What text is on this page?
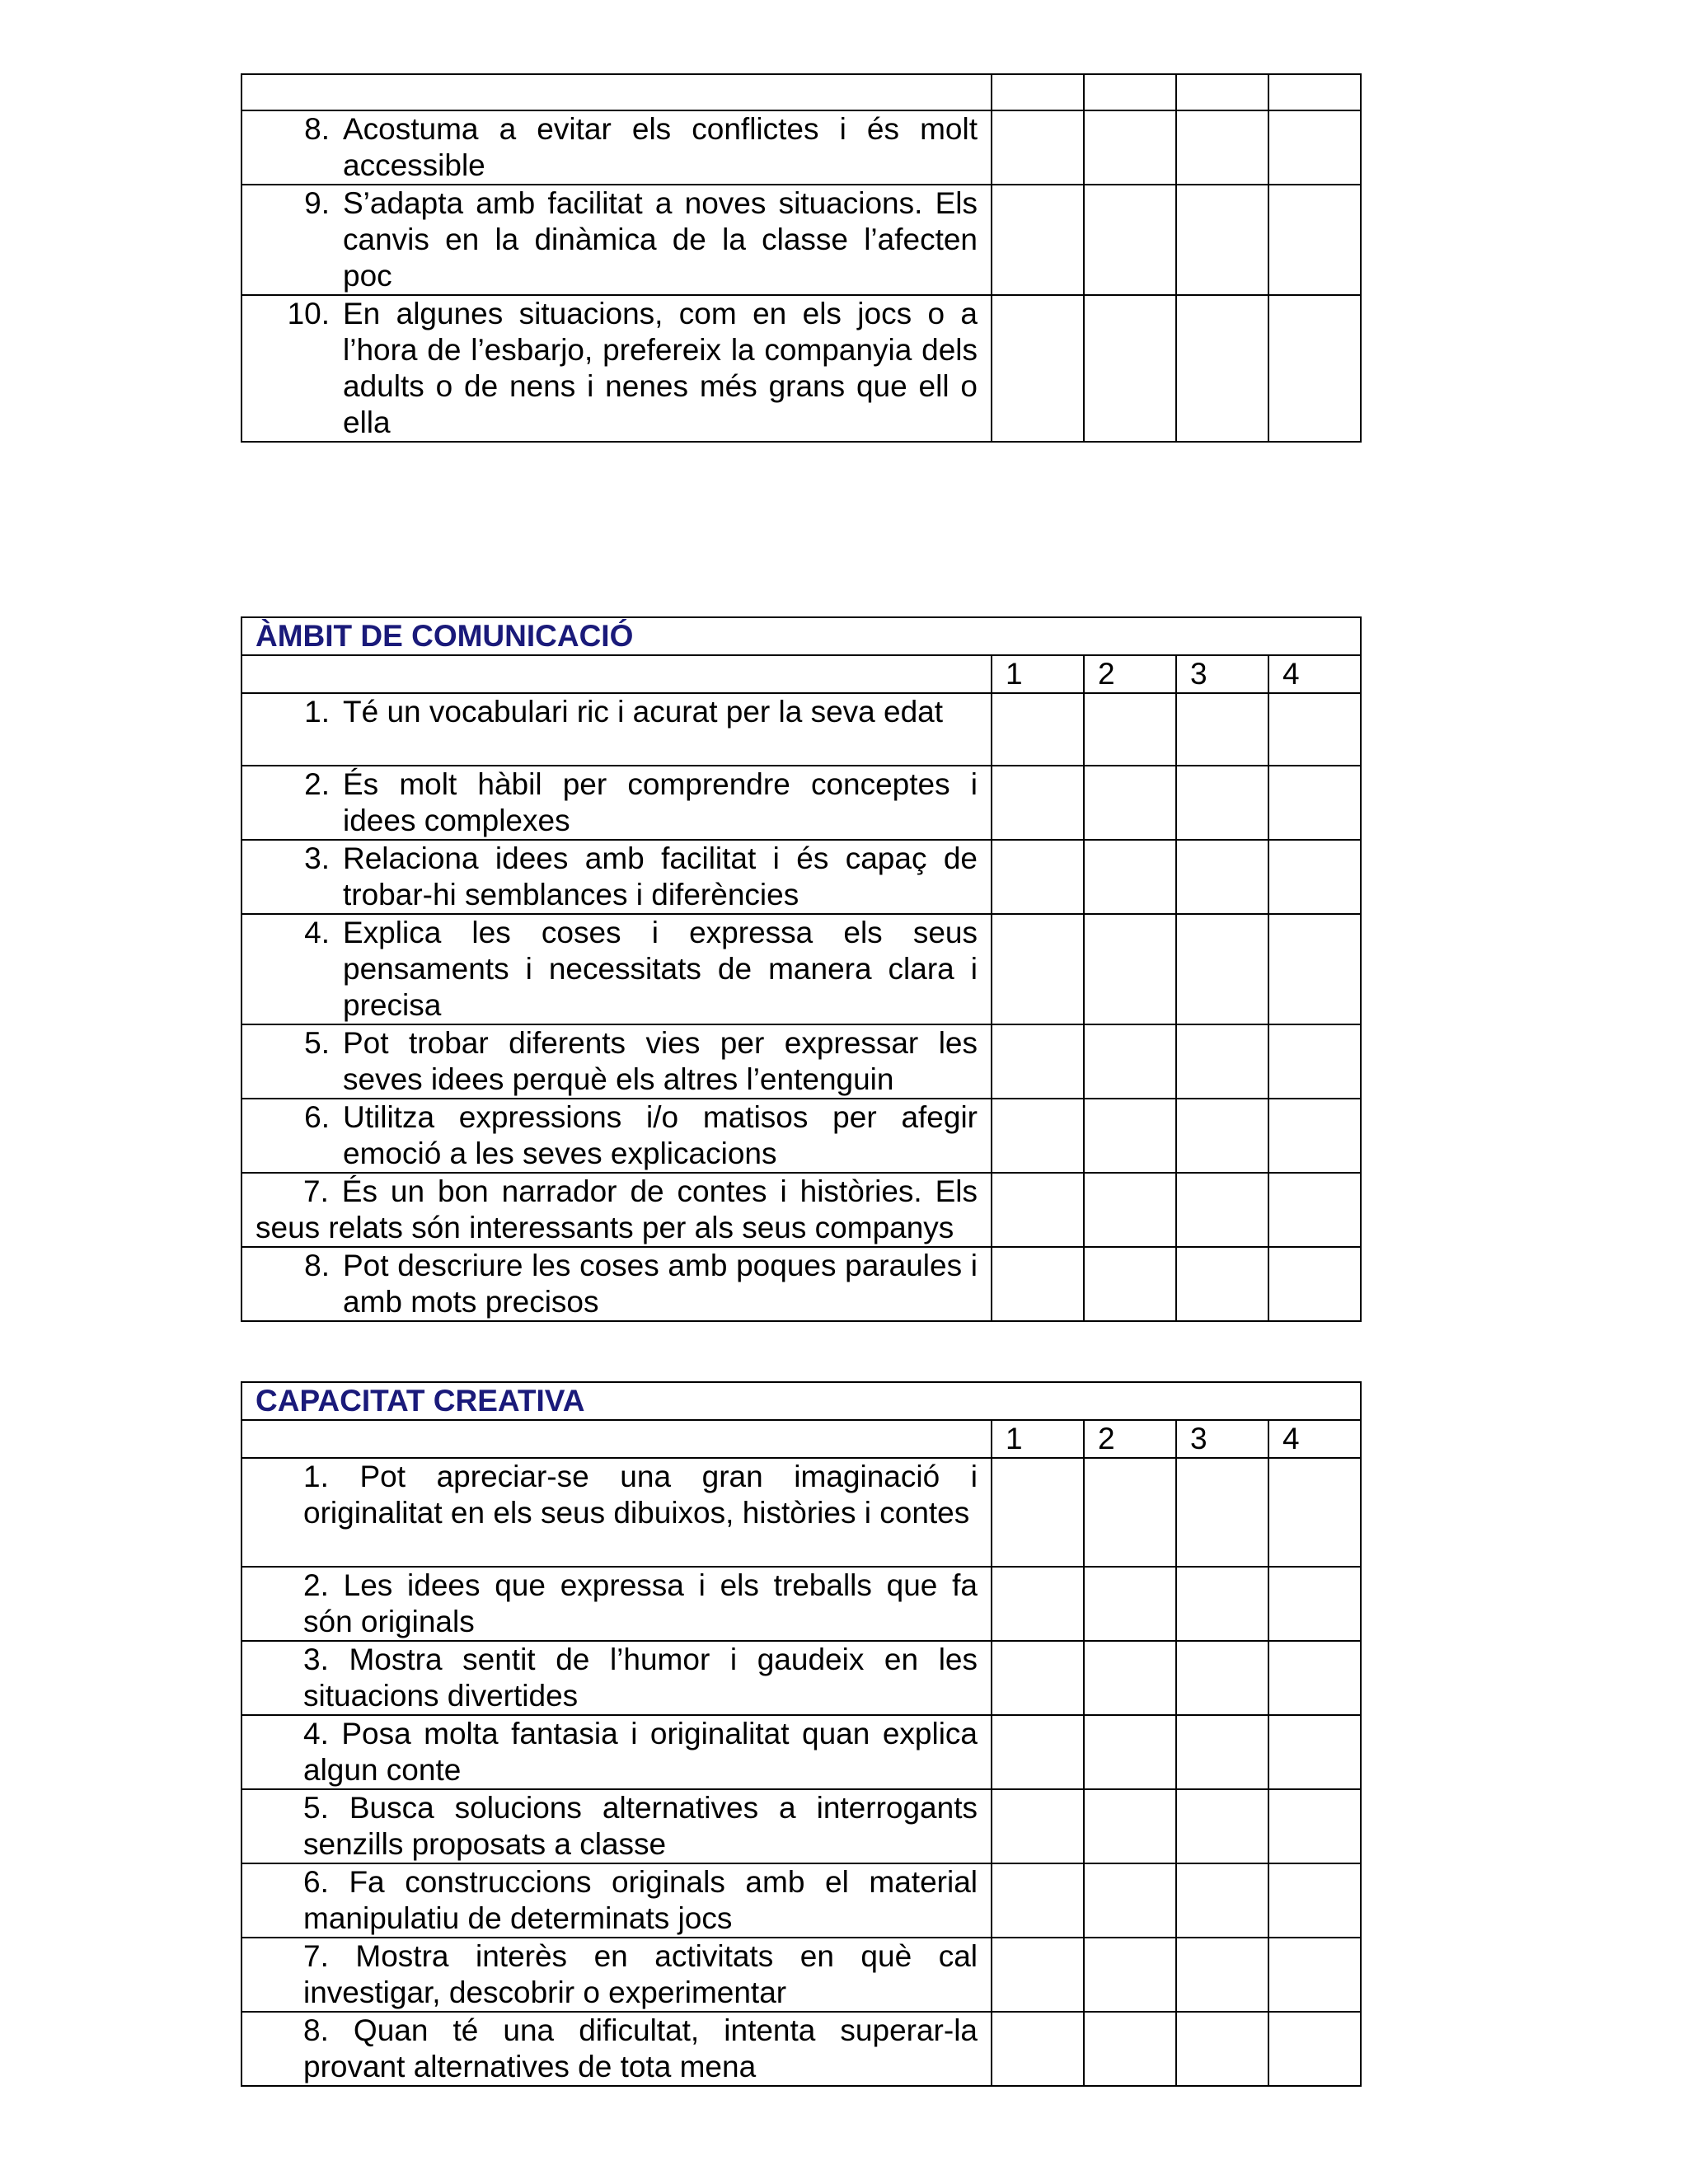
8. Acostuma a evitar els conflictes i és molt accessible				

9. S’adapta amb facilitat a noves situacions. Els canvis en la dinàmica de la classe l’afecten poc				

10. En algunes situacions, com en els jocs o a l’hora de l’esbarjo, prefereix la companyia dels adults o de nens i nenes més grans que ell o ella				

ÀMBIT DE COMUNICACIÓ				
	1	2	3	4

1. Té un vocabulari ric i acurat per la seva edat				

2. És molt hàbil per comprendre conceptes i idees complexes				

3. Relaciona idees amb facilitat i és capaç de trobar-hi semblances i diferències				

4. Explica les coses i expressa els seus pensaments i necessitats de manera clara i precisa				

5. Pot trobar diferents vies per expressar les seves idees perquè els altres l’entenguin				

6. Utilitza expressions i/o matisos per afegir emoció a les seves explicacions				

7. És un bon narrador de contes i històries. Els seus relats són interessants per als seus companys				

8. Pot descriure les coses amb poques paraules i amb mots precisos				

CAPACITAT CREATIVA				
	1	2	3	4

1. Pot apreciar-se una gran imaginació i originalitat en els seus dibuixos, històries i contes				

2. Les idees que expressa i els treballs que fa són originals				

3. Mostra sentit de l’humor i gaudeix en les situacions divertides				

4. Posa molta fantasia i originalitat quan explica algun conte				

5. Busca solucions alternatives a interrogants senzills proposats a classe				

6. Fa construccions originals amb el material manipulatiu de determinats jocs				

7. Mostra interès en activitats en què cal investigar, descobrir o experimentar				

8. Quan té una dificultat, intenta superar-la provant alternatives de tota mena				
